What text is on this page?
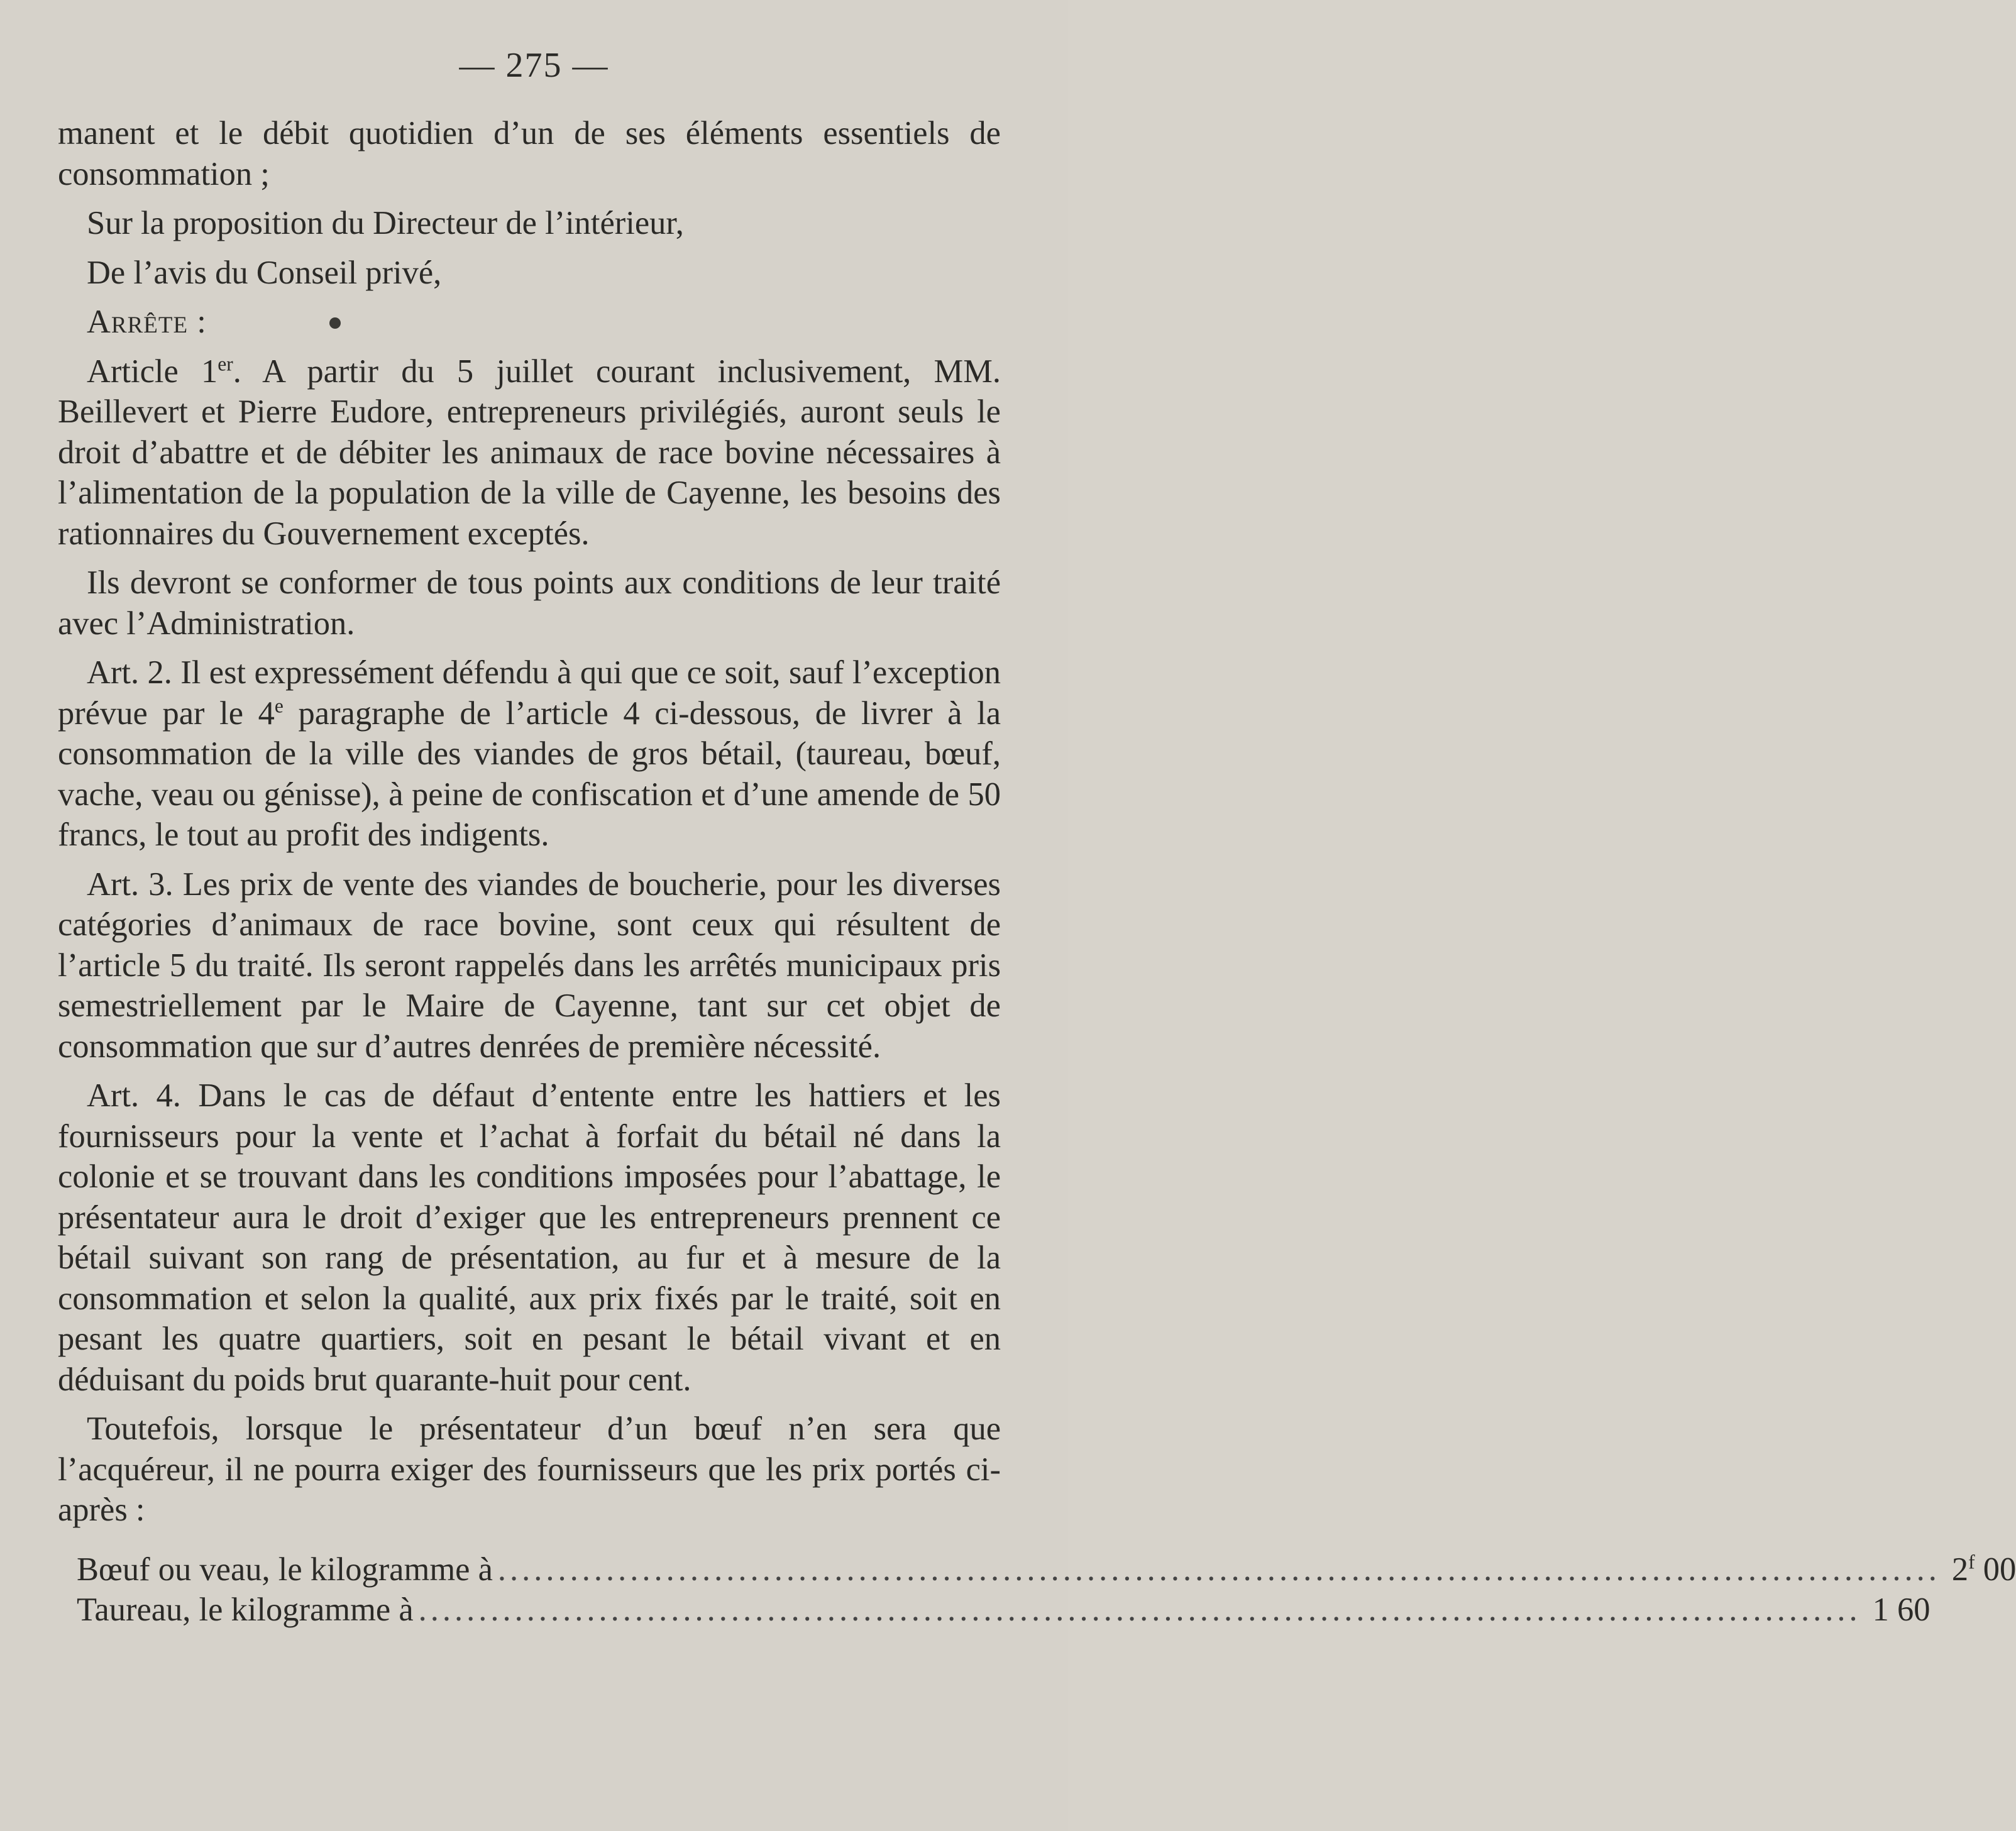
— 275 —

manent et le débit quotidien d’un de ses éléments essentiels de consommation ;

Sur la proposition du Directeur de l’intérieur,

De l’avis du Conseil privé,

Arrête :

Article 1er. A partir du 5 juillet courant inclusivement, MM. Beillevert et Pierre Eudore, entrepreneurs privilégiés, auront seuls le droit d’abattre et de débiter les animaux de race bovine nécessaires à l’alimentation de la population de la ville de Cayenne, les besoins des rationnaires du Gouvernement exceptés.

Ils devront se conformer de tous points aux conditions de leur traité avec l’Administration.

Art. 2. Il est expressément défendu à qui que ce soit, sauf l’exception prévue par le 4e paragraphe de l’article 4 ci-dessous, de livrer à la consommation de la ville des viandes de gros bétail, (taureau, bœuf, vache, veau ou génisse), à peine de confiscation et d’une amende de 50 francs, le tout au profit des indigents.

Art. 3. Les prix de vente des viandes de boucherie, pour les diverses catégories d’animaux de race bovine, sont ceux qui résultent de l’article 5 du traité. Ils seront rappelés dans les arrêtés municipaux pris semestriellement par le Maire de Cayenne, tant sur cet objet de consommation que sur d’autres denrées de première nécessité.

Art. 4. Dans le cas de défaut d’entente entre les hattiers et les fournisseurs pour la vente et l’achat à forfait du bétail né dans la colonie et se trouvant dans les conditions imposées pour l’abattage, le présentateur aura le droit d’exiger que les entrepreneurs prennent ce bétail suivant son rang de présentation, au fur et à mesure de la consommation et selon la qualité, aux prix fixés par le traité, soit en pesant les quatre quartiers, soit en pesant le bétail vivant et en déduisant du poids brut quarante-huit pour cent.

Toutefois, lorsque le présentateur d’un bœuf n’en sera que l’acquéreur, il ne pourra exiger des fournisseurs que les prix portés ci-après :

Bœuf ou veau, le kilogramme à ........................................................................................................................ 2$^f$ 00

Taureau, le kilogramme à ........................................................................................................................ 1 60
